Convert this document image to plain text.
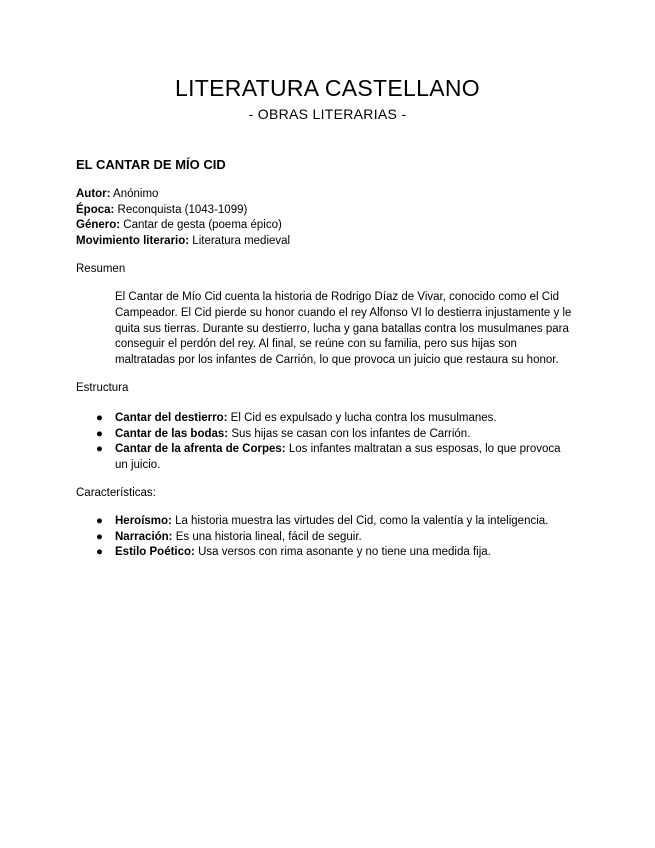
LITERATURA CASTELLANO
- OBRAS LITERARIAS -
EL CANTAR DE MÍO CID
Autor: Anónimo
Época: Reconquista (1043-1099)
Género: Cantar de gesta (poema épico)
Movimiento literario: Literatura medieval
Resumen
El Cantar de Mío Cid cuenta la historia de Rodrigo Díaz de Vivar, conocido como el Cid Campeador. El Cid pierde su honor cuando el rey Alfonso VI lo destierra injustamente y le quita sus tierras. Durante su destierro, lucha y gana batallas contra los musulmanes para conseguir el perdón del rey. Al final, se reúne con su familia, pero sus hijas son maltratadas por los infantes de Carrión, lo que provoca un juicio que restaura su honor.
Estructura
● Cantar del destierro: El Cid es expulsado y lucha contra los musulmanes.
● Cantar de las bodas: Sus hijas se casan con los infantes de Carrión.
● Cantar de la afrenta de Corpes: Los infantes maltratan a sus esposas, lo que provoca un juicio.
Características:
● Heroísmo: La historia muestra las virtudes del Cid, como la valentía y la inteligencia.
● Narración: Es una historia lineal, fácil de seguir.
● Estilo Poético: Usa versos con rima asonante y no tiene una medida fija.
